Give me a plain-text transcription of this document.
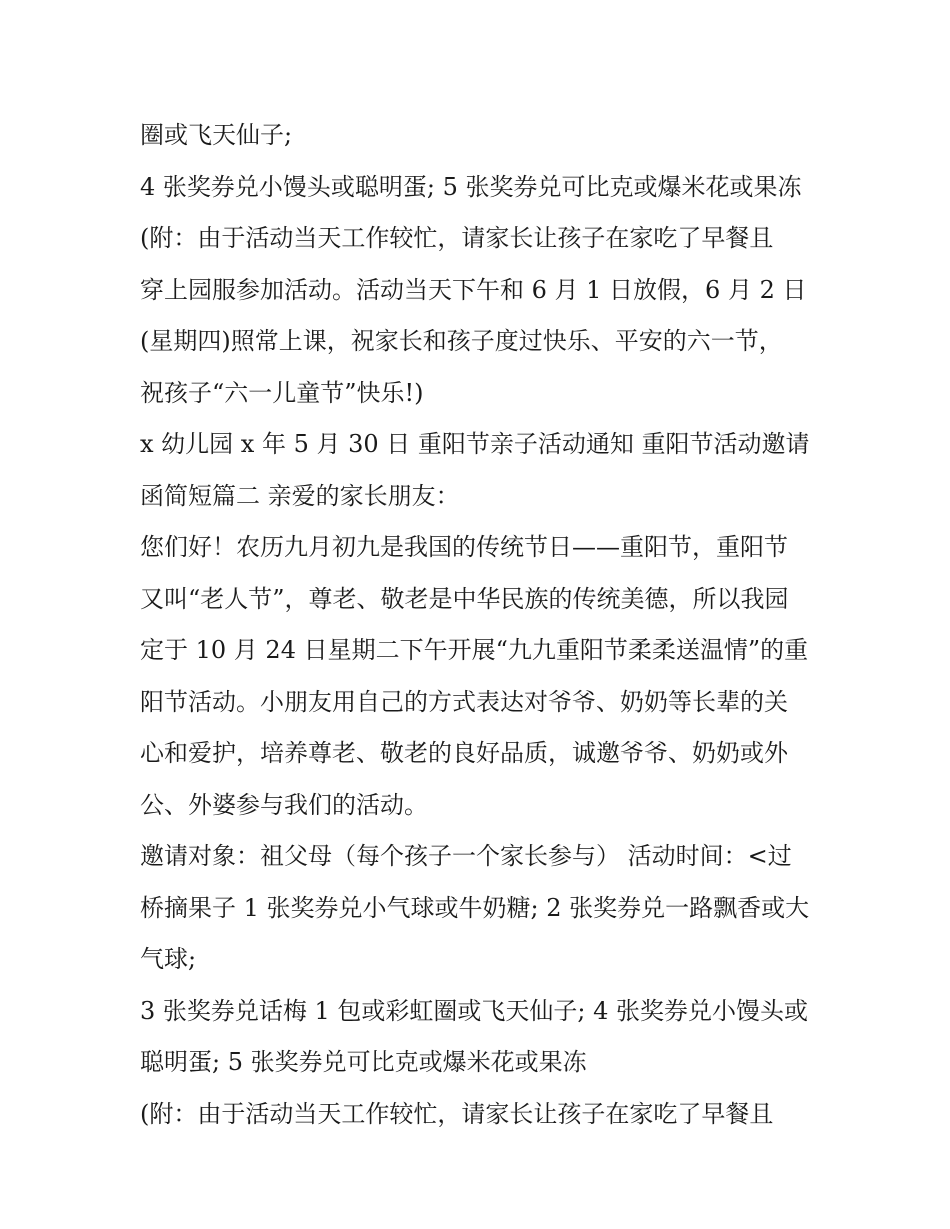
圈或飞天仙子;
4 张奖券兑小馒头或聪明蛋; 5 张奖券兑可比克或爆米花或果冻
(附：由于活动当天工作较忙，请家长让孩子在家吃了早餐且
穿上园服参加活动。活动当天下午和 6 月 1 日放假，6 月 2 日
(星期四)照常上课，祝家长和孩子度过快乐、平安的六一节，
祝孩子“六一儿童节”快乐!)
x 幼儿园 x 年 5 月 30 日 重阳节亲子活动通知 重阳节活动邀请
函简短篇二 亲爱的家长朋友：
您们好！农历九月初九是我国的传统节日——重阳节，重阳节
又叫“老人节”，尊老、敬老是中华民族的传统美德，所以我园
定于 10 月 24 日星期二下午开展“九九重阳节柔柔送温情”的重
阳节活动。小朋友用自己的方式表达对爷爷、奶奶等长辈的关
心和爱护，培养尊老、敬老的良好品质，诚邀爷爷、奶奶或外
公、外婆参与我们的活动。
邀请对象：祖父母（每个孩子一个家长参与） 活动时间：<过
桥摘果子 1 张奖券兑小气球或牛奶糖; 2 张奖券兑一路飘香或大
气球;
3 张奖券兑话梅 1 包或彩虹圈或飞天仙子; 4 张奖券兑小馒头或
聪明蛋; 5 张奖券兑可比克或爆米花或果冻
(附：由于活动当天工作较忙，请家长让孩子在家吃了早餐且
